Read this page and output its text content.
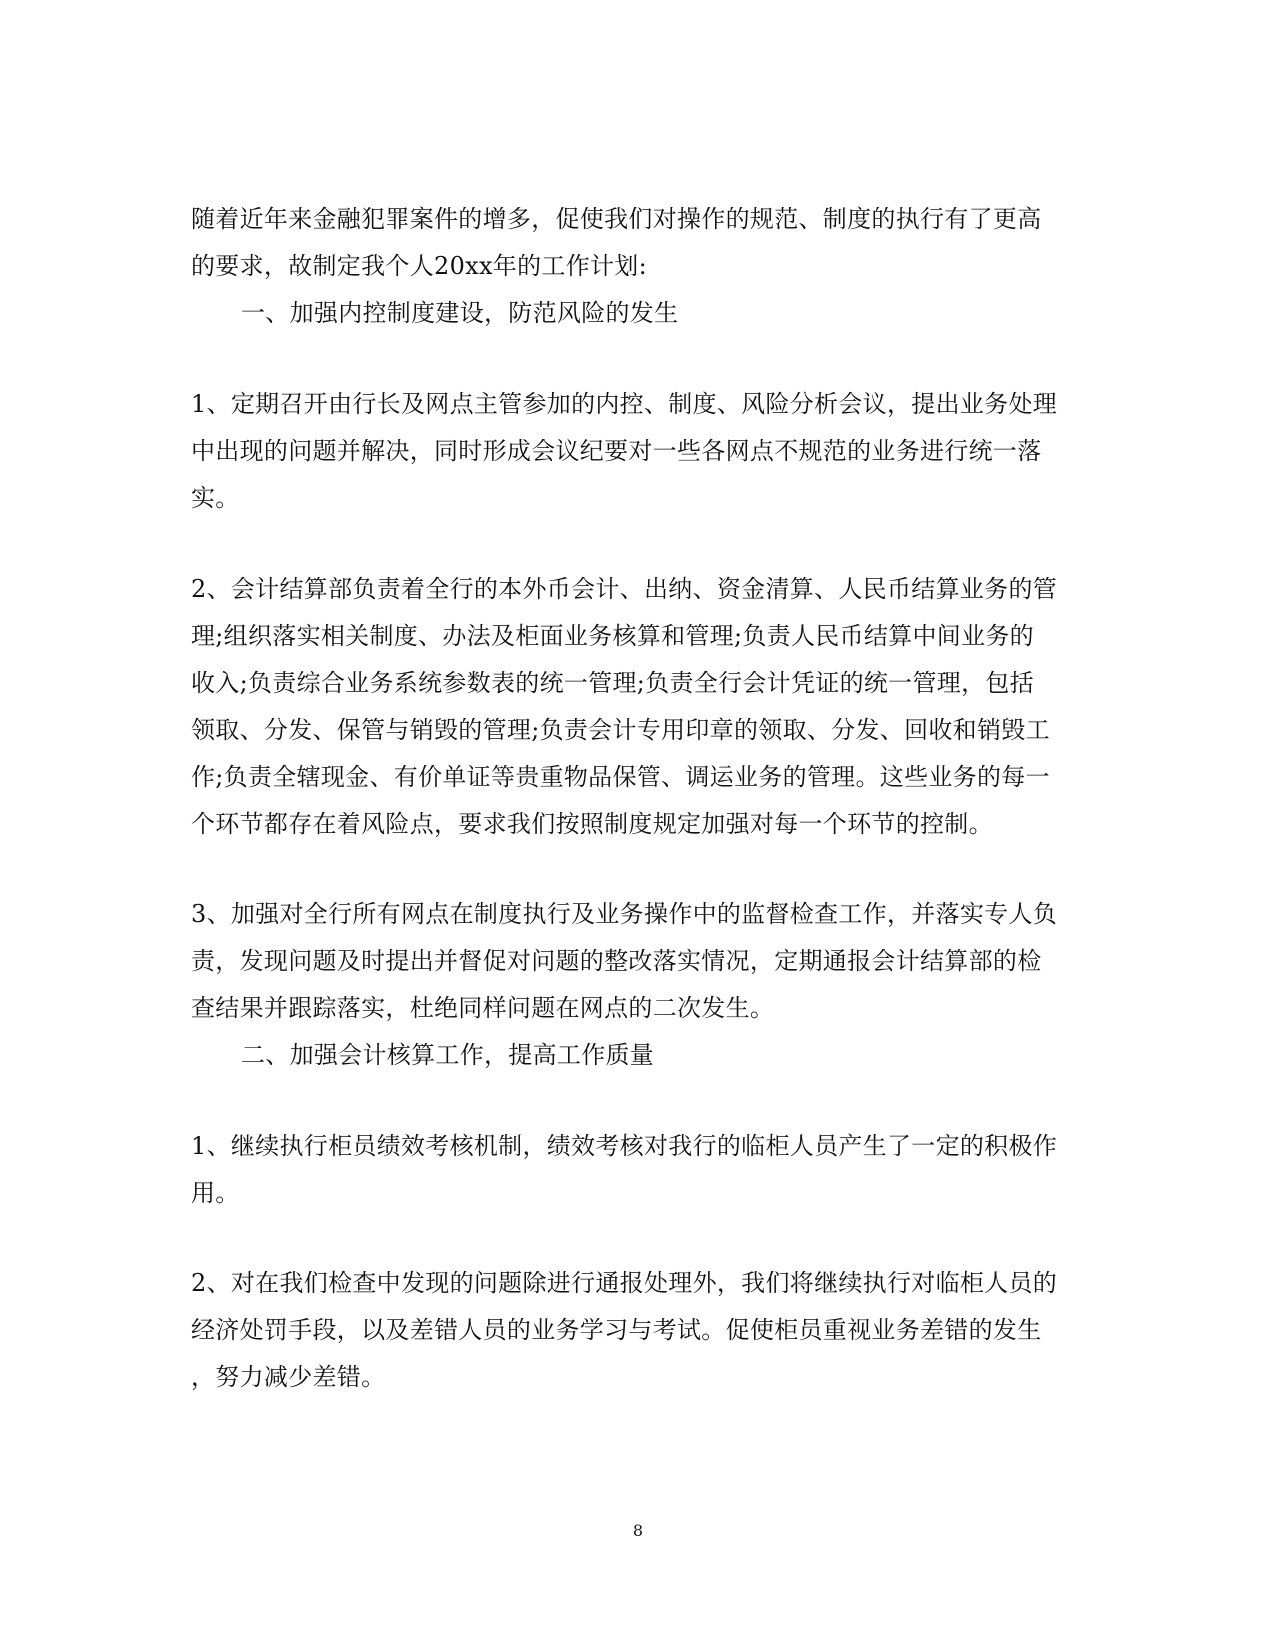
随着近年来金融犯罪案件的增多，促使我们对操作的规范、制度的执行有了更高
的要求，故制定我个人20xx年的工作计划:
一、加强内控制度建设，防范风险的发生
1、定期召开由行长及网点主管参加的内控、制度、风险分析会议，提出业务处理
中出现的问题并解决，同时形成会议纪要对一些各网点不规范的业务进行统一落
实。
2、会计结算部负责着全行的本外币会计、出纳、资金清算、人民币结算业务的管
理;组织落实相关制度、办法及柜面业务核算和管理;负责人民币结算中间业务的
收入;负责综合业务系统参数表的统一管理;负责全行会计凭证的统一管理，包括
领取、分发、保管与销毁的管理;负责会计专用印章的领取、分发、回收和销毁工
作;负责全辖现金、有价单证等贵重物品保管、调运业务的管理。这些业务的每一
个环节都存在着风险点，要求我们按照制度规定加强对每一个环节的控制。
3、加强对全行所有网点在制度执行及业务操作中的监督检查工作，并落实专人负
责，发现问题及时提出并督促对问题的整改落实情况，定期通报会计结算部的检
查结果并跟踪落实，杜绝同样问题在网点的二次发生。
二、加强会计核算工作，提高工作质量
1、继续执行柜员绩效考核机制，绩效考核对我行的临柜人员产生了一定的积极作
用。
2、对在我们检查中发现的问题除进行通报处理外，我们将继续执行对临柜人员的
经济处罚手段，以及差错人员的业务学习与考试。促使柜员重视业务差错的发生
，努力减少差错。
8
